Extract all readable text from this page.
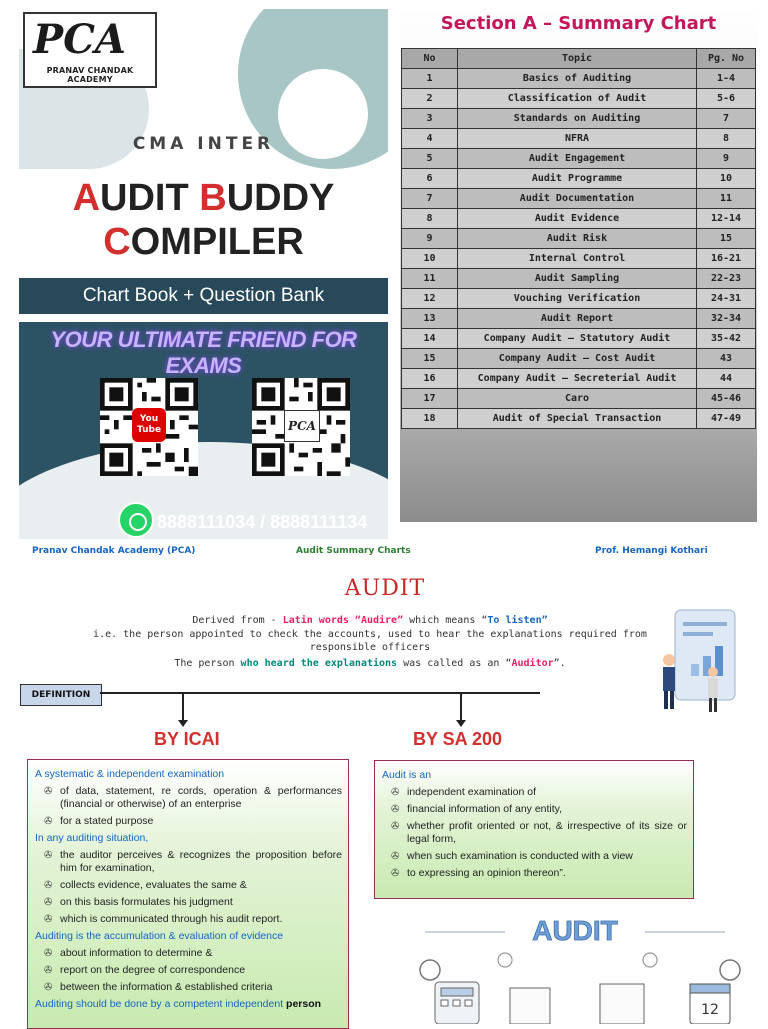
PCA
PRANAV CHANDAK ACADEMY
CMA INTER
AUDIT BUDDY
COMPILER
Chart Book + Question Bank
YOUR ULTIMATE FRIEND FOR EXAMS
You Tube	PCA
8888111034 / 8888111134
Section A – Summary Chart
No	Topic	Pg. No
1	Basics of Auditing	1-4
2	Classification of Audit	5-6
3	Standards on Auditing	7
4	NFRA	8
5	Audit Engagement	9
6	Audit Programme	10
7	Audit Documentation	11
8	Audit Evidence	12-14
9	Audit Risk	15
10	Internal Control	16-21
11	Audit Sampling	22-23
12	Vouching Verification	24-31
13	Audit Report	32-34
14	Company Audit – Statutory Audit	35-42
15	Company Audit – Cost Audit	43
16	Company Audit – Secreterial Audit	44
17	Caro	45-46
18	Audit of Special Transaction	47-49
Pranav Chandak Academy (PCA)	Audit Summary Charts	Prof. Hemangi Kothari
AUDIT
Derived from - Latin words “Audire” which means “To listen”
i.e. the person appointed to check the accounts, used to hear the explanations required from responsible officers
The person who heard the explanations was called as an “Auditor”.
DEFINITION
BY ICAI	BY SA 200
A systematic & independent examination
✇ of data, statement, re cords, operation & performances (financial or otherwise) of an enterprise
✇ for a stated purpose
In any auditing situation,
✇ the auditor perceives & recognizes the proposition before him for examination,
✇ collects evidence, evaluates the same &
✇ on this basis formulates his judgment
✇ which is communicated through his audit report.
Auditing is the accumulation & evaluation of evidence
✇ about information to determine &
✇ report on the degree of correspondence
✇ between the information & established criteria
Auditing should be done by a competent independent person
Audit is an
✇ independent examination of
✇ financial information of any entity,
✇ whether profit oriented or not, & irrespective of its size or legal form,
✇ when such examination is conducted with a view
✇ to expressing an opinion thereon”.
AUDIT
12
